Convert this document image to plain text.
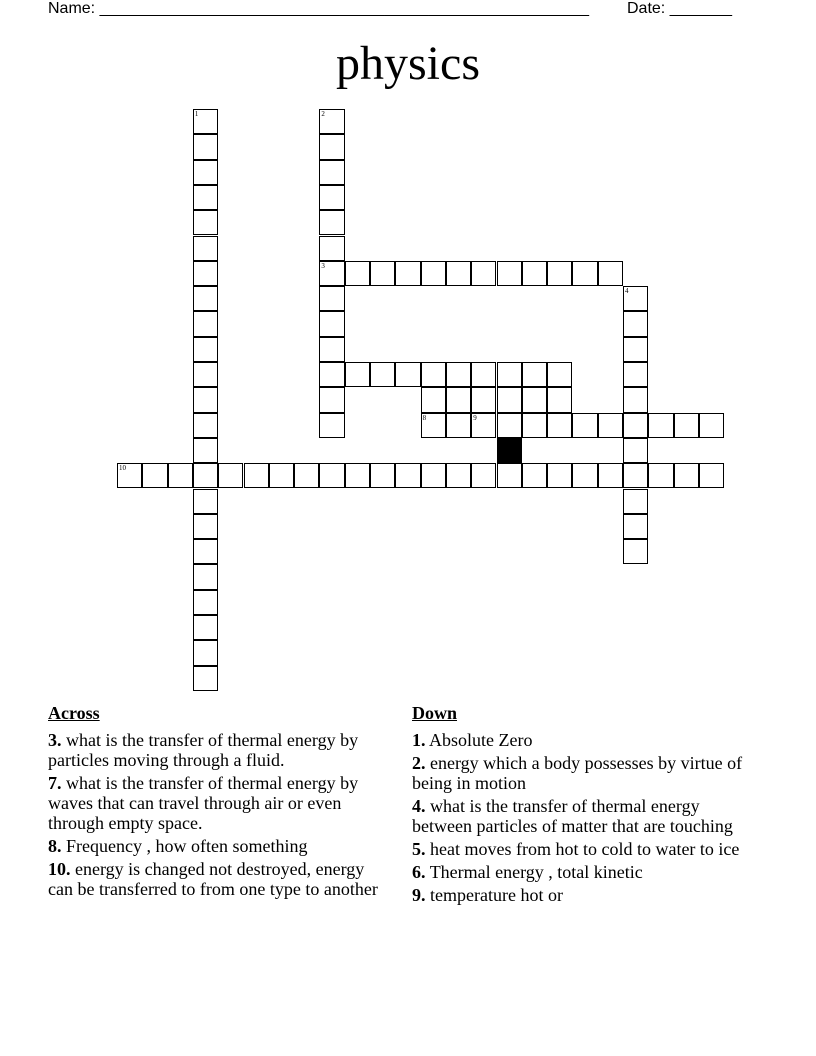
Name: _______________________________________________________ Date: _______
physics
1	2
3
4
8	9
10
Across
3. what is the transfer of thermal energy by particles moving through a fluid.
7. what is the transfer of thermal energy by waves that can travel through air or even through empty space.
8. Frequency , how often something
10. energy is changed not destroyed, energy can be transferred to from one type to another
Down
1. Absolute Zero
2. energy which a body possesses by virtue of being in motion
4. what is the transfer of thermal energy between particles of matter that are touching
5. heat moves from hot to cold to water to ice
6. Thermal energy , total kinetic
9. temperature hot or
